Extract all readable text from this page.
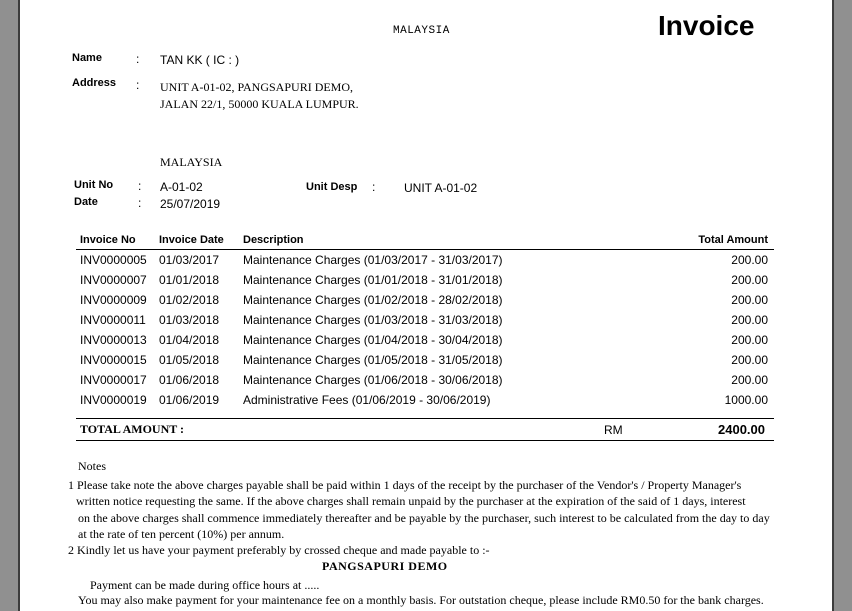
MALAYSIA	Invoice
Name	: TAN KK ( IC : )
Address : UNIT A-01-02, PANGSAPURI DEMO,
JALAN 22/1, 50000 KUALA LUMPUR.
MALAYSIA
Unit No : A-01-02
Date	: 25/07/2019
Unit Desp : UNIT A-01-02
Invoice No	Invoice Date	Description	Total Amount
INV0000005	01/03/2017	Maintenance Charges (01/03/2017 - 31/03/2017)	200.00
INV0000007	01/01/2018	Maintenance Charges (01/01/2018 - 31/01/2018)	200.00
INV0000009	01/02/2018	Maintenance Charges (01/02/2018 - 28/02/2018)	200.00
INV0000011	01/03/2018	Maintenance Charges (01/03/2018 - 31/03/2018)	200.00
INV0000013	01/04/2018	Maintenance Charges (01/04/2018 - 30/04/2018)	200.00
INV0000015	01/05/2018	Maintenance Charges (01/05/2018 - 31/05/2018)	200.00
INV0000017	01/06/2018	Maintenance Charges (01/06/2018 - 30/06/2018)	200.00
INV0000019	01/06/2019	Administrative Fees (01/06/2019 - 30/06/2019)	1000.00
TOTAL AMOUNT :	RM	2400.00
Notes
1 Please take note the above charges payable shall be paid within 1 days of the receipt by the purchaser of the Vendor's / Property Manager's
written notice requesting the same. If the above charges shall remain unpaid by the purchaser at the expiration of the said of 1 days, interest
on the above charges shall commence immediately thereafter and be payable by the purchaser, such interest to be calculated from the day to day
at the rate of ten percent (10%) per annum.
2 Kindly let us have your payment preferably by crossed cheque and made payable to :-
PANGSAPURI DEMO
Payment can be made during office hours at .....
You may also make payment for your maintenance fee on a monthly basis. For outstation cheque, please include RM0.50 for the bank charges.
